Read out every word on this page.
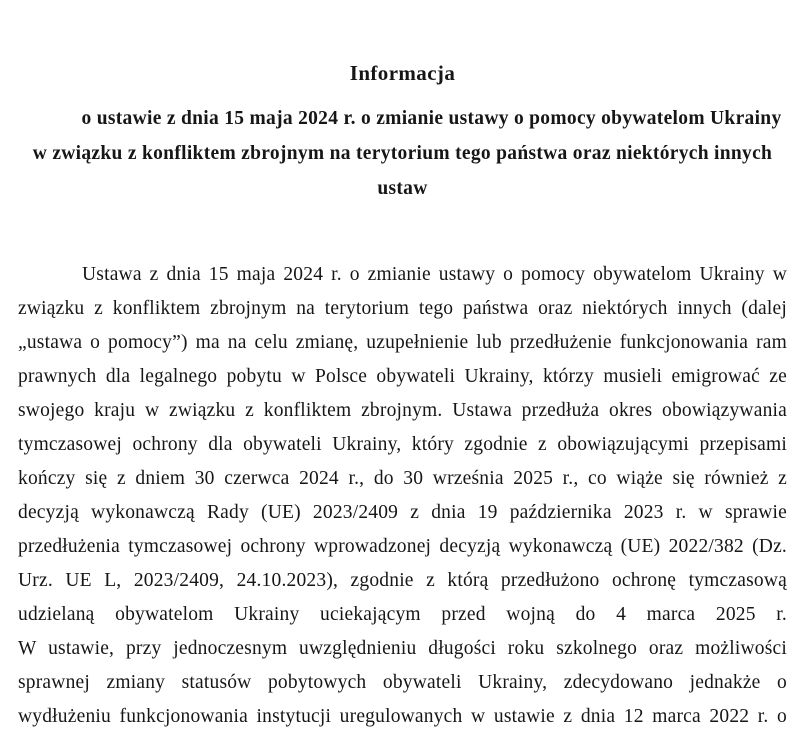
Informacja
o ustawie z dnia 15 maja 2024 r. o zmianie ustawy o pomocy obywatelom Ukrainy
w związku z konfliktem zbrojnym na terytorium tego państwa oraz niektórych innych
ustaw
Ustawa z dnia 15 maja 2024 r. o zmianie ustawy o pomocy obywatelom Ukrainy w
związku z konfliktem zbrojnym na terytorium tego państwa oraz niektórych innych (dalej
„ustawa o pomocy”) ma na celu zmianę, uzupełnienie lub przedłużenie funkcjonowania ram
prawnych dla legalnego pobytu w Polsce obywateli Ukrainy, którzy musieli emigrować ze
swojego kraju w związku z konfliktem zbrojnym. Ustawa przedłuża okres obowiązywania
tymczasowej ochrony dla obywateli Ukrainy, który zgodnie z obowiązującymi przepisami
kończy się z dniem 30 czerwca 2024 r., do 30 września 2025 r., co wiąże się również z
decyzją wykonawczą Rady (UE) 2023/2409 z dnia 19 października 2023 r. w sprawie
przedłużenia tymczasowej ochrony wprowadzonej decyzją wykonawczą (UE) 2022/382 (Dz.
Urz. UE L, 2023/2409, 24.10.2023), zgodnie z którą przedłużono ochronę tymczasową
udzielaną obywatelom Ukrainy uciekającym przed wojną do 4 marca 2025 r.
W ustawie, przy jednoczesnym uwzględnieniu długości roku szkolnego oraz możliwości
sprawnej zmiany statusów pobytowych obywateli Ukrainy, zdecydowano jednakże o
wydłużeniu funkcjonowania instytucji uregulowanych w ustawie z dnia 12 marca 2022 r. o
